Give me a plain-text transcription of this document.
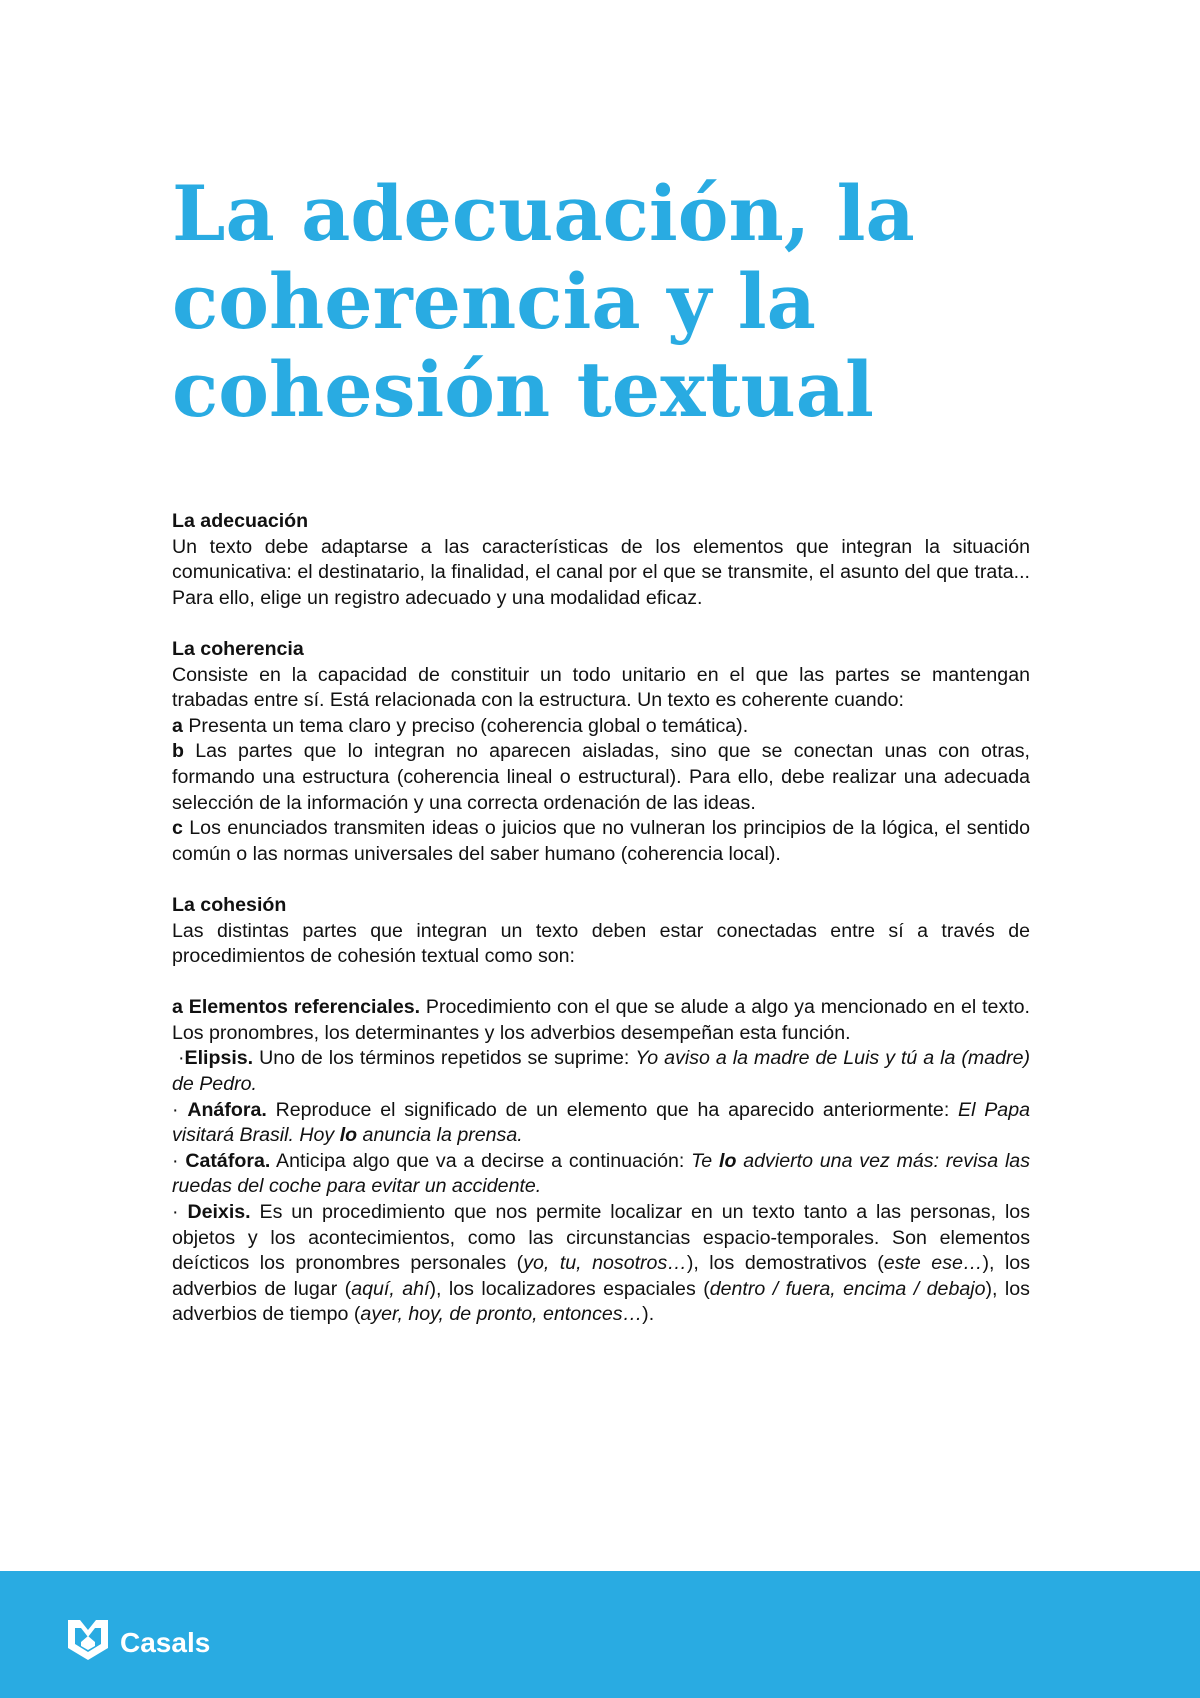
La adecuación, la
coherencia y la
cohesión textual
La adecuación

Un texto debe adaptarse a las características de los elementos que integran la situación comunicativa: el destinatario, la finalidad, el canal por el que se transmite, el asunto del que trata... Para ello, elige un registro adecuado y una modalidad eficaz.

La coherencia

Consiste en la capacidad de constituir un todo unitario en el que las partes se mantengan trabadas entre sí. Está relacionada con la estructura. Un texto es coherente cuando:

a Presenta un tema claro y preciso (coherencia global o temática).

b Las partes que lo integran no aparecen aisladas, sino que se conectan unas con otras, formando una estructura (coherencia lineal o estructural). Para ello, debe realizar una adecuada selección de la información y una correcta ordenación de las ideas.

c Los enunciados transmiten ideas o juicios que no vulneran los principios de la lógica, el sentido común o las normas universales del saber humano (coherencia local).

La cohesión

Las distintas partes que integran un texto deben estar conectadas entre sí a través de procedimientos de cohesión textual como son:

a Elementos referenciales. Procedimiento con el que se alude a algo ya mencionado en el texto. Los pronombres, los determinantes y los adverbios desempeñan esta función.

·Elipsis. Uno de los términos repetidos se suprime: Yo aviso a la madre de Luis y tú a la (madre) de Pedro.

· Anáfora. Reproduce el significado de un elemento que ha aparecido anteriormente: El Papa visitará Brasil. Hoy lo anuncia la prensa.

· Catáfora. Anticipa algo que va a decirse a continuación: Te lo advierto una vez más: revisa las ruedas del coche para evitar un accidente.

· Deixis. Es un procedimiento que nos permite localizar en un texto tanto a las personas, los objetos y los acontecimientos, como las circunstancias espacio-temporales. Son elementos deícticos los pronombres personales (yo, tu, nosotros…), los demostrativos (este ese…), los adverbios de lugar (aquí, ahí), los localizadores espaciales (dentro / fuera, encima / debajo), los adverbios de tiempo (ayer, hoy, de pronto, entonces…).

Casals
